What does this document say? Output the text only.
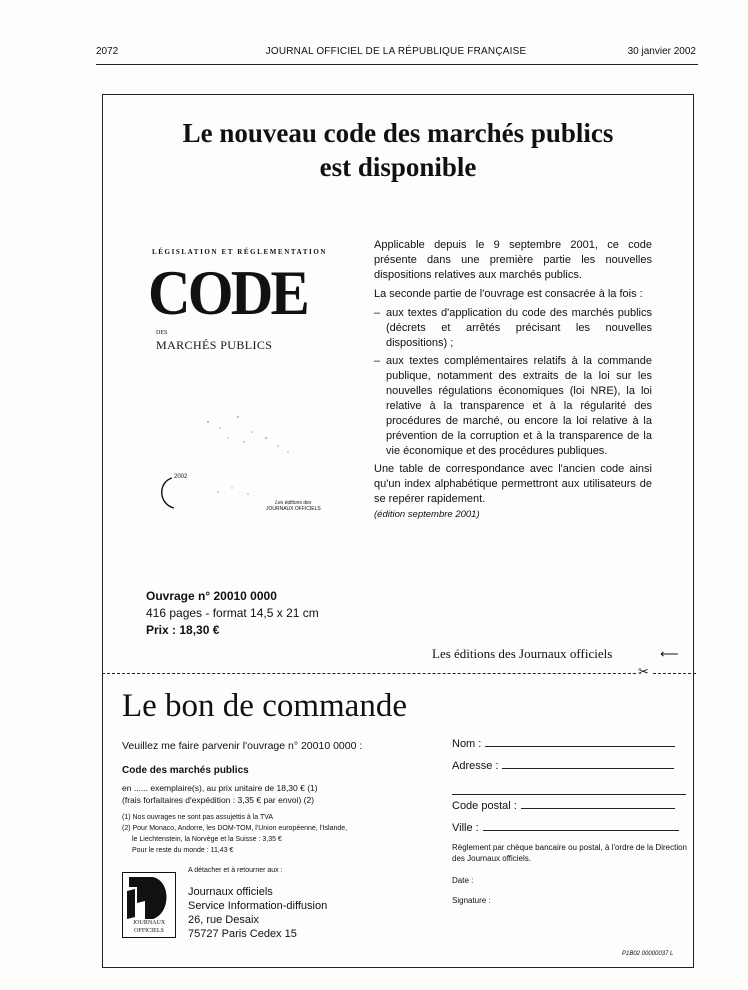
2072	JOURNAL OFFICIEL DE LA RÉPUBLIQUE FRANÇAISE	30 janvier 2002
Le nouveau code des marchés publics
est disponible
LÉGISLATION ET RÉGLEMENTATION
CODE
DES
MARCHÉS PUBLICS
2002
Les éditions des
JOURNAUX OFFICIELS

Applicable depuis le 9 septembre 2001, ce code présente dans une première partie les nouvelles dispositions relatives aux marchés publics.

La seconde partie de l'ouvrage est consacrée à la fois :

– aux textes d'application du code des marchés publics (décrets et arrêtés précisant les nouvelles dispositions) ;
– aux textes complémentaires relatifs à la commande publique, notamment des extraits de la loi sur les nouvelles régulations économiques (loi NRE), la loi relative à la transparence et à la régularité des procédures de marché, ou encore la loi relative à la prévention de la corruption et à la transparence de la vie économique et des procédures publiques.

Une table de correspondance avec l'ancien code ainsi qu'un index alphabétique permettront aux utilisateurs de se repérer rapidement.

(édition septembre 2001)

Ouvrage n° 20010 0000
416 pages - format 14,5 x 21 cm
Prix : 18,30 €
Les éditions des Journaux officiels	⟵
✂
Le bon de commande
Veuillez me faire parvenir l'ouvrage n° 20010 0000 :
Code des marchés publics
en ...... exemplaire(s), au prix unitaire de 18,30 € (1)
(frais forfaitaires d'expédition : 3,35 € par envoi) (2)
(1) Nos ouvrages ne sont pas assujettis à la TVA
(2) Pour Monaco, Andorre, les DOM-TOM, l'Union européenne, l'Islande,
le Liechtenstein, la Norvège et la Suisse : 3,35 €
Pour le reste du monde : 11,43 €
A détacher et à retourner aux :
JOURNAUX
OFFICIELS
Journaux officiels
Service Information-diffusion
26, rue Desaix
75727 Paris Cedex 15
Nom :
Adresse :
Code postal :
Ville :
Règlement par chèque bancaire ou postal, à l'ordre de la Direction des Journaux officiels.
Date :
Signature :
P1B02 00000037 L
